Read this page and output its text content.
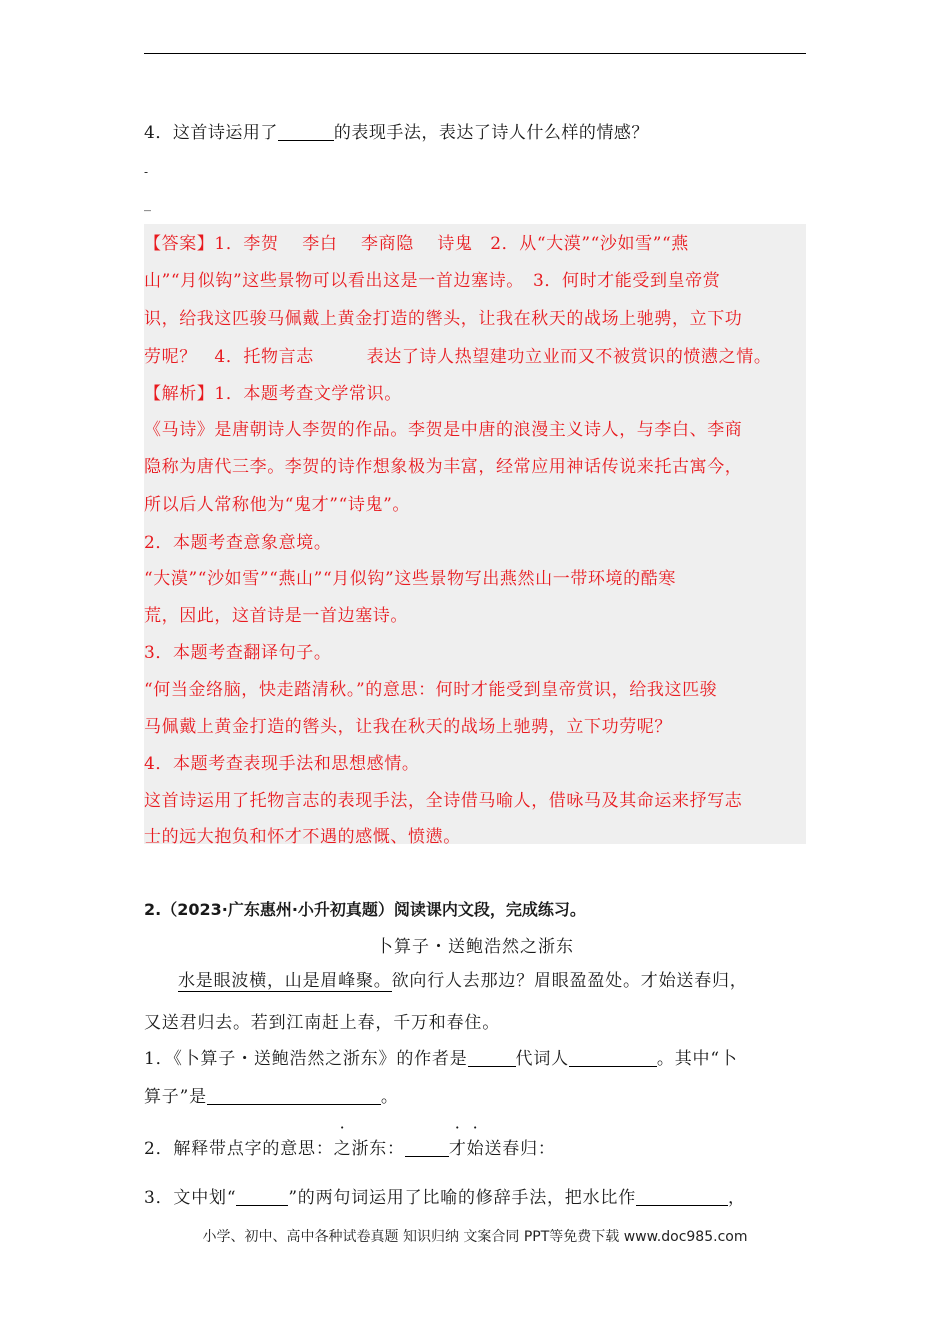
4．这首诗运用了	的表现手法，表达了诗人什么样的情感？
-
_
【答案】1．李贺　 李白　 李商隐　 诗鬼　2．从“大漠”“沙如雪”“燕
山”“月似钩”这些景物可以看出这是一首边塞诗。　3．何时才能受到皇帝赏
识，给我这匹骏马佩戴上黄金打造的辔头，让我在秋天的战场上驰骋，立下功
劳呢？　4．托物言志　　　表达了诗人热望建功立业而又不被赏识的愤懑之情。
【解析】1．本题考查文学常识。
《马诗》是唐朝诗人李贺的作品。李贺是中唐的浪漫主义诗人，与李白、李商
隐称为唐代三李。李贺的诗作想象极为丰富，经常应用神话传说来托古寓今，
所以后人常称他为“鬼才”“诗鬼”。
2．本题考查意象意境。
“大漠”“沙如雪”“燕山”“月似钩”这些景物写出燕然山一带环境的酷寒
荒，因此，这首诗是一首边塞诗。
3．本题考查翻译句子。
“何当金络脑，快走踏清秋。”的意思：何时才能受到皇帝赏识，给我这匹骏
马佩戴上黄金打造的辔头，让我在秋天的战场上驰骋，立下功劳呢？
4．本题考查表现手法和思想感情。
这首诗运用了托物言志的表现手法，全诗借马喻人，借咏马及其命运来抒写志
士的远大抱负和怀才不遇的感慨、愤懑。
2.（2023·广东惠州·小升初真题）阅读课内文段，完成练习。
卜算子・送鲍浩然之浙东
水是眼波横，山是眉峰聚。欲向行人去那边？眉眼盈盈处。才始送春归，
又送君归去。若到江南赶上春，千万和春住。
1．《卜算子・送鲍浩然之浙东》的作者是	代词人	。其中“卜
算子”是	。
2．解释带点字的意思：之浙东：	才始送春归：
3．文中划“	”的两句词运用了比喻的修辞手法，把水比作	，
小学、初中、高中各种试卷真题 知识归纳 文案合同 PPT等免费下载 www.doc985.com
